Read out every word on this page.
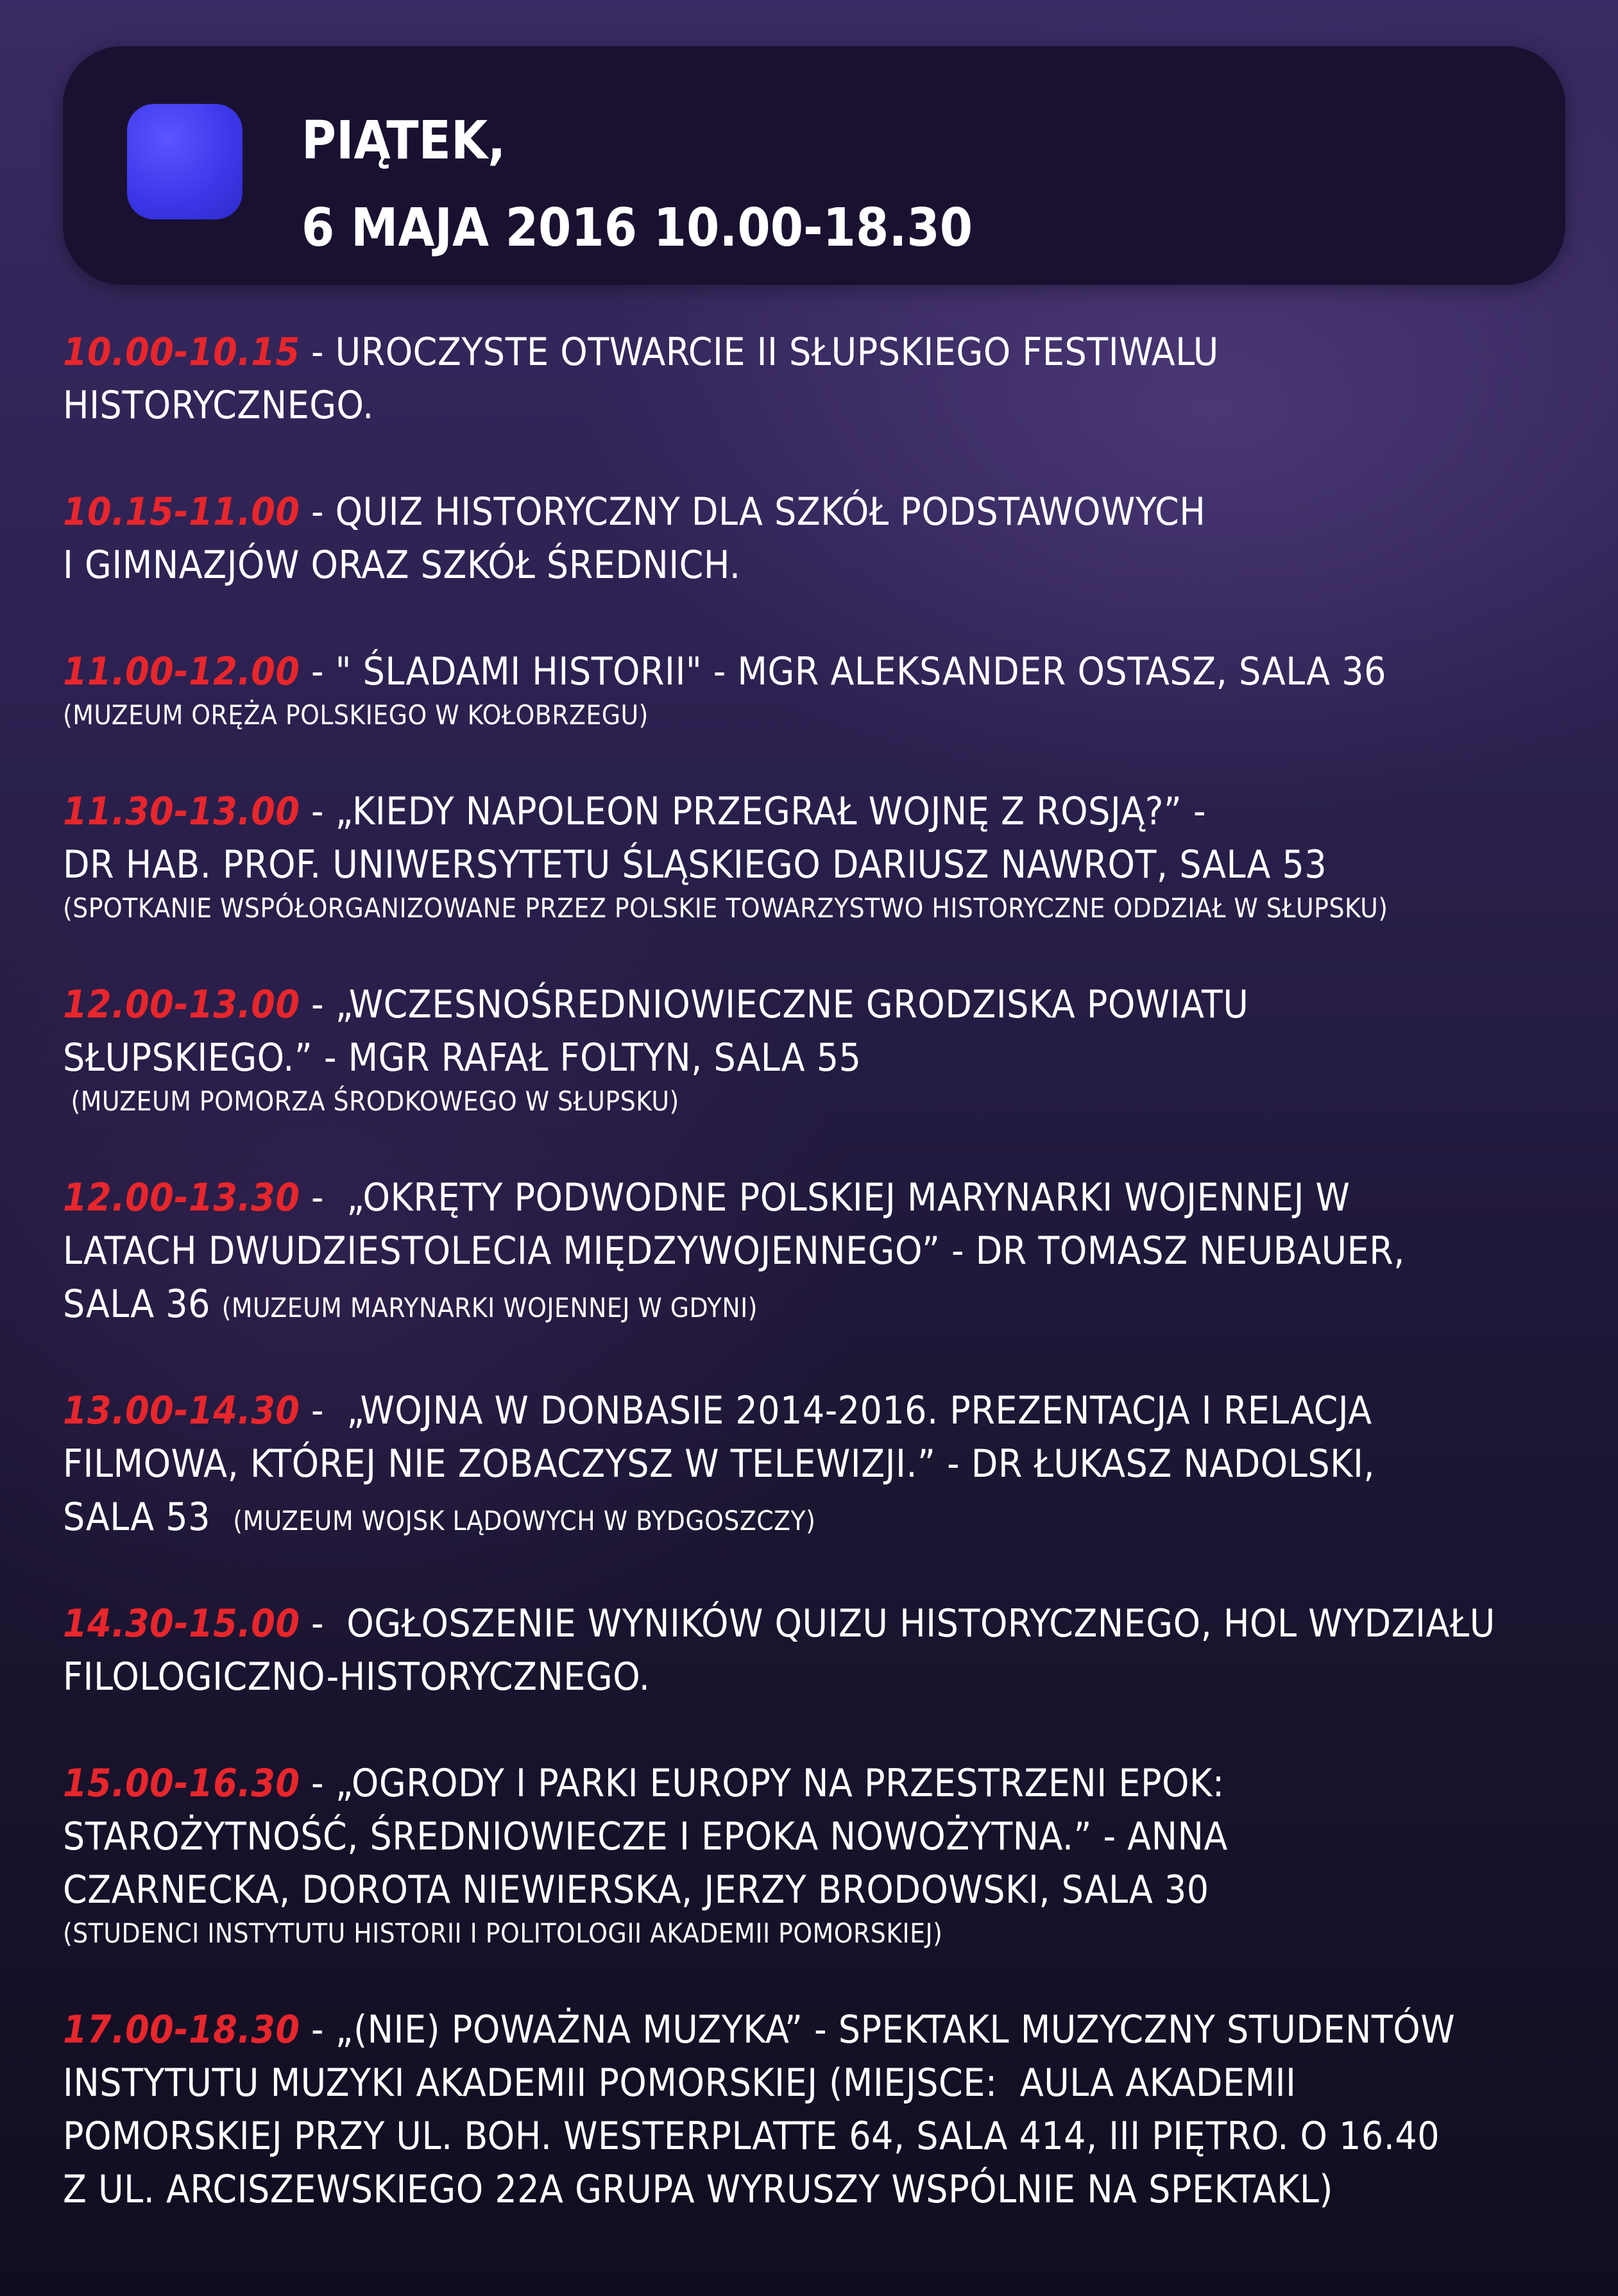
PIĄTEK,
6 MAJA 2016 10.00-18.30
10.00-10.15 - UROCZYSTE OTWARCIE II SŁUPSKIEGO FESTIWALU
HISTORYCZNEGO.
10.15-11.00 - QUIZ HISTORYCZNY DLA SZKÓŁ PODSTAWOWYCH
I GIMNAZJÓW ORAZ SZKÓŁ ŚREDNICH.
11.00-12.00 - " ŚLADAMI HISTORII" - MGR ALEKSANDER OSTASZ, SALA 36
(MUZEUM ORĘŻA POLSKIEGO W KOŁOBRZEGU)
11.30-13.00 - „KIEDY NAPOLEON PRZEGRAŁ WOJNĘ Z ROSJĄ?” -
DR HAB. PROF. UNIWERSYTETU ŚLĄSKIEGO DARIUSZ NAWROT, SALA 53
(SPOTKANIE WSPÓŁORGANIZOWANE PRZEZ POLSKIE TOWARZYSTWO HISTORYCZNE ODDZIAŁ W SŁUPSKU)
12.00-13.00 - „WCZESNOŚREDNIOWIECZNE GRODZISKA POWIATU
SŁUPSKIEGO.” - MGR RAFAŁ FOLTYN, SALA 55
(MUZEUM POMORZA ŚRODKOWEGO W SŁUPSKU)
12.00-13.30 -  „OKRĘTY PODWODNE POLSKIEJ MARYNARKI WOJENNEJ W
LATACH DWUDZIESTOLECIA MIĘDZYWOJENNEGO” - DR TOMASZ NEUBAUER,
SALA 36 (MUZEUM MARYNARKI WOJENNEJ W GDYNI)
13.00-14.30 -  „WOJNA W DONBASIE 2014-2016. PREZENTACJA I RELACJA
FILMOWA, KTÓREJ NIE ZOBACZYSZ W TELEWIZJI.” - DR ŁUKASZ NADOLSKI,
SALA 53  (MUZEUM WOJSK LĄDOWYCH W BYDGOSZCZY)
14.30-15.00 -  OGŁOSZENIE WYNIKÓW QUIZU HISTORYCZNEGO, HOL WYDZIAŁU
FILOLOGICZNO-HISTORYCZNEGO.
15.00-16.30 - „OGRODY I PARKI EUROPY NA PRZESTRZENI EPOK:
STAROŻYTNOŚĆ, ŚREDNIOWIECZE I EPOKA NOWOŻYTNA.” - ANNA
CZARNECKA, DOROTA NIEWIERSKA, JERZY BRODOWSKI, SALA 30
(STUDENCI INSTYTUTU HISTORII I POLITOLOGII AKADEMII POMORSKIEJ)
17.00-18.30 - „(NIE) POWAŻNA MUZYKA” - SPEKTAKL MUZYCZNY STUDENTÓW
INSTYTUTU MUZYKI AKADEMII POMORSKIEJ (MIEJSCE:  AULA AKADEMII
POMORSKIEJ PRZY UL. BOH. WESTERPLATTE 64, SALA 414, III PIĘTRO. O 16.40
Z UL. ARCISZEWSKIEGO 22A GRUPA WYRUSZY WSPÓLNIE NA SPEKTAKL)
